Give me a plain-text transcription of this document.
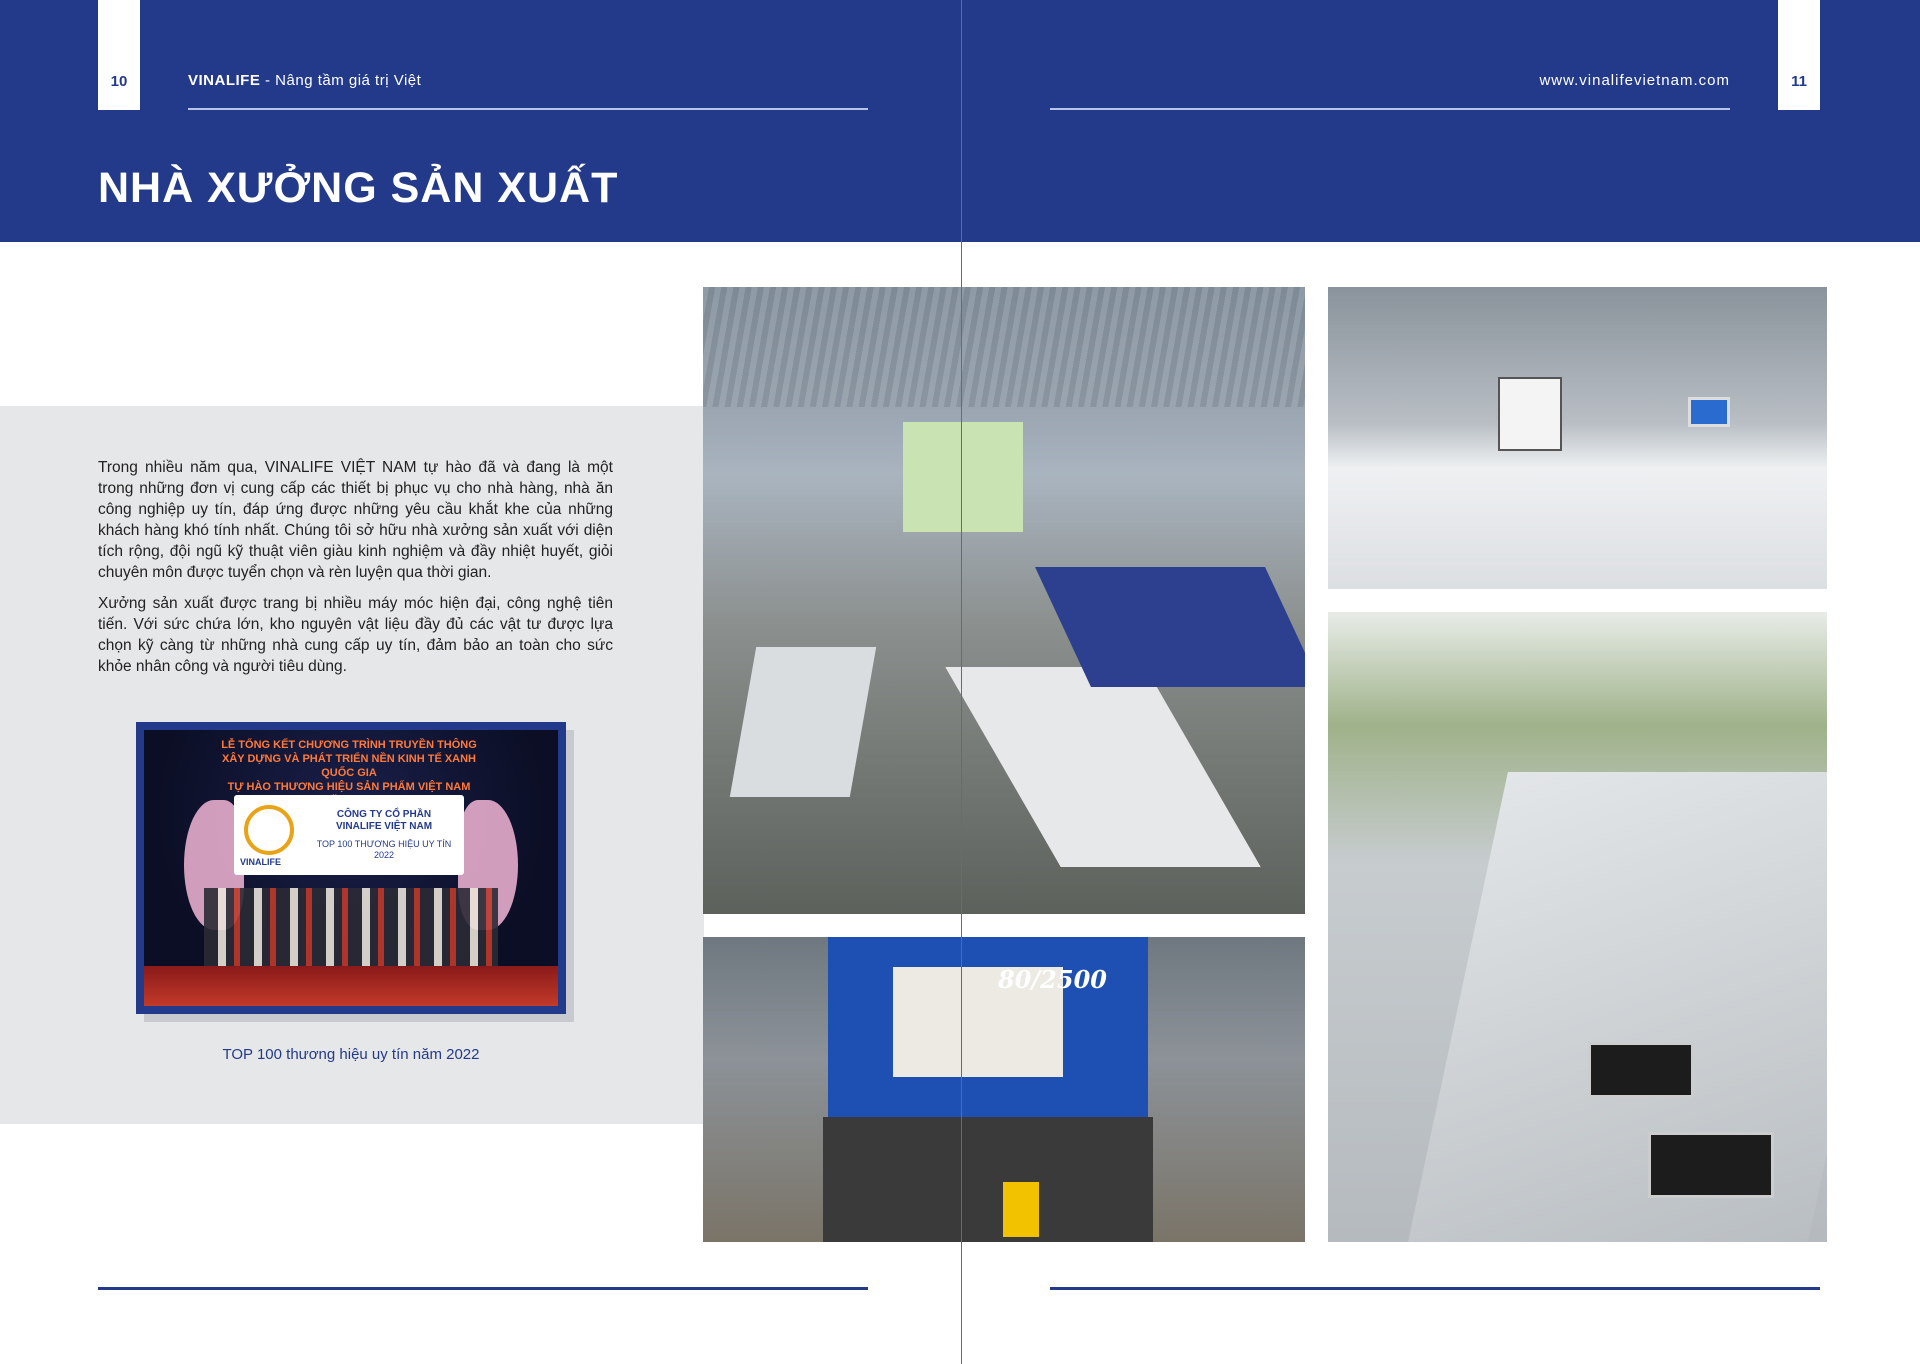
10	11
VINALIFE - Nâng tầm giá trị Việt	www.vinalifevietnam.com
NHÀ XƯỞNG SẢN XUẤT

Trong nhiều năm qua, VINALIFE VIỆT NAM tự hào đã và đang là một trong những đơn vị cung cấp các thiết bị phục vụ cho nhà hàng, nhà ăn công nghiệp uy tín, đáp ứng được những yêu cầu khắt khe của những khách hàng khó tính nhất. Chúng tôi sở hữu nhà xưởng sản xuất với diện tích rộng, đội ngũ kỹ thuật viên giàu kinh nghiệm và đầy nhiệt huyết, giỏi chuyên môn được tuyển chọn và rèn luyện qua thời gian.

Xưởng sản xuất được trang bị nhiều máy móc hiện đại, công nghệ tiên tiến. Với sức chứa lớn, kho nguyên vật liệu đầy đủ các vật tư được lựa chọn kỹ càng từ những nhà cung cấp uy tín, đảm bảo an toàn cho sức khỏe nhân công và người tiêu dùng.

LỄ TỔNG KẾT CHƯƠNG TRÌNH TRUYỀN THÔNG
XÂY DỰNG VÀ PHÁT TRIỂN NỀN KINH TẾ XANH QUỐC GIA
TỰ HÀO THƯƠNG HIỆU SẢN PHẨM VIỆT NAM
VINALIFE
CÔNG TY CỔ PHẦN
VINALIFE VIỆT NAM
TOP 100 THƯƠNG HIỆU UY TÍN 2022
TOP 100 thương hiệu uy tín năm 2022
80/2500
